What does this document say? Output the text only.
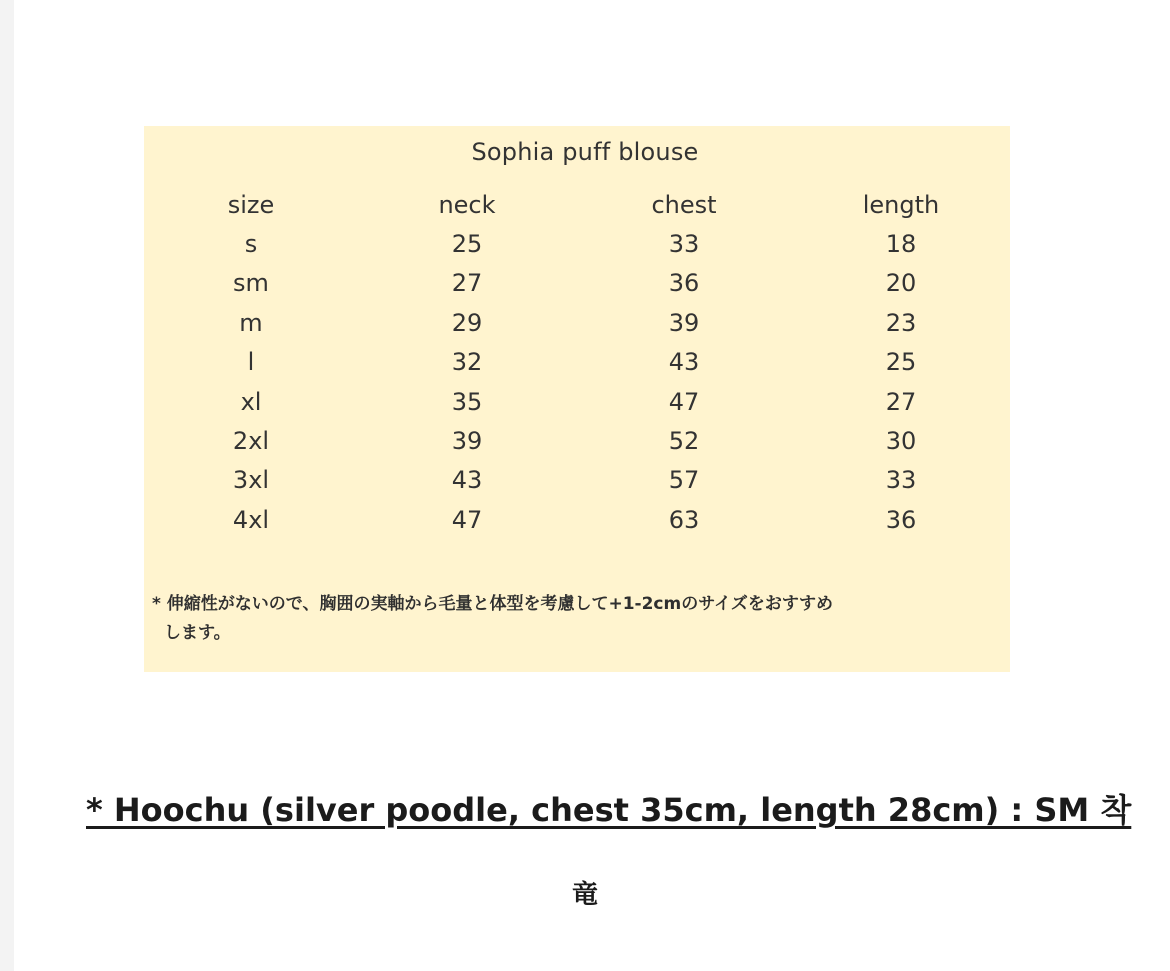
Sophia puff blouse
size	neck	chest	length
s	25	33	18
sm	27	36	20
m	29	39	23
l	32	43	25
xl	35	47	27
2xl	39	52	30
3xl	43	57	33
4xl	47	63	36
* 伸縮性がないので、胸囲の実軸から毛量と体型を考慮して+1-2cmのサイズをおすすめ
します。
* Hoochu (silver poodle, chest 35cm, length 28cm) : SM 착
竜
